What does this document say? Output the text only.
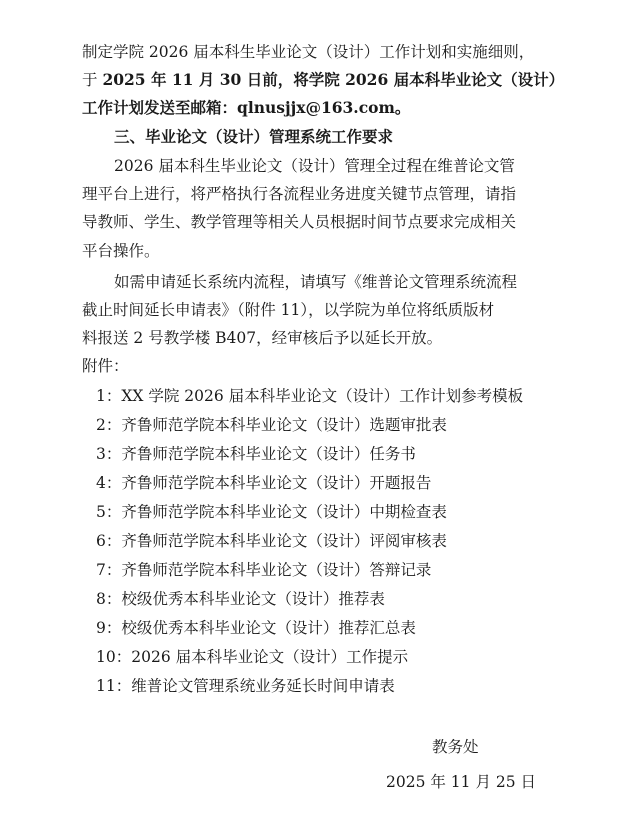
制定学院 2026 届本科生毕业论文（设计）工作计划和实施细则，
于 2025 年 11 月 30 日前，将学院 2026 届本科毕业论文（设计）
工作计划发送至邮箱：qlnusjjx@163.com。
三、毕业论文（设计）管理系统工作要求
2026 届本科生毕业论文（设计）管理全过程在维普论文管
理平台上进行，将严格执行各流程业务进度关键节点管理，请指
导教师、学生、教学管理等相关人员根据时间节点要求完成相关
平台操作。
如需申请延长系统内流程，请填写《维普论文管理系统流程
截止时间延长申请表》（附件 11），以学院为单位将纸质版材
料报送 2 号教学楼 B407，经审核后予以延长开放。
附件：
1：XX 学院 2026 届本科毕业论文（设计）工作计划参考模板
2：齐鲁师范学院本科毕业论文（设计）选题审批表
3：齐鲁师范学院本科毕业论文（设计）任务书
4：齐鲁师范学院本科毕业论文（设计）开题报告
5：齐鲁师范学院本科毕业论文（设计）中期检查表
6：齐鲁师范学院本科毕业论文（设计）评阅审核表
7：齐鲁师范学院本科毕业论文（设计）答辩记录
8：校级优秀本科毕业论文（设计）推荐表
9：校级优秀本科毕业论文（设计）推荐汇总表
10：2026 届本科毕业论文（设计）工作提示
11：维普论文管理系统业务延长时间申请表
教务处
2025 年 11 月 25 日
